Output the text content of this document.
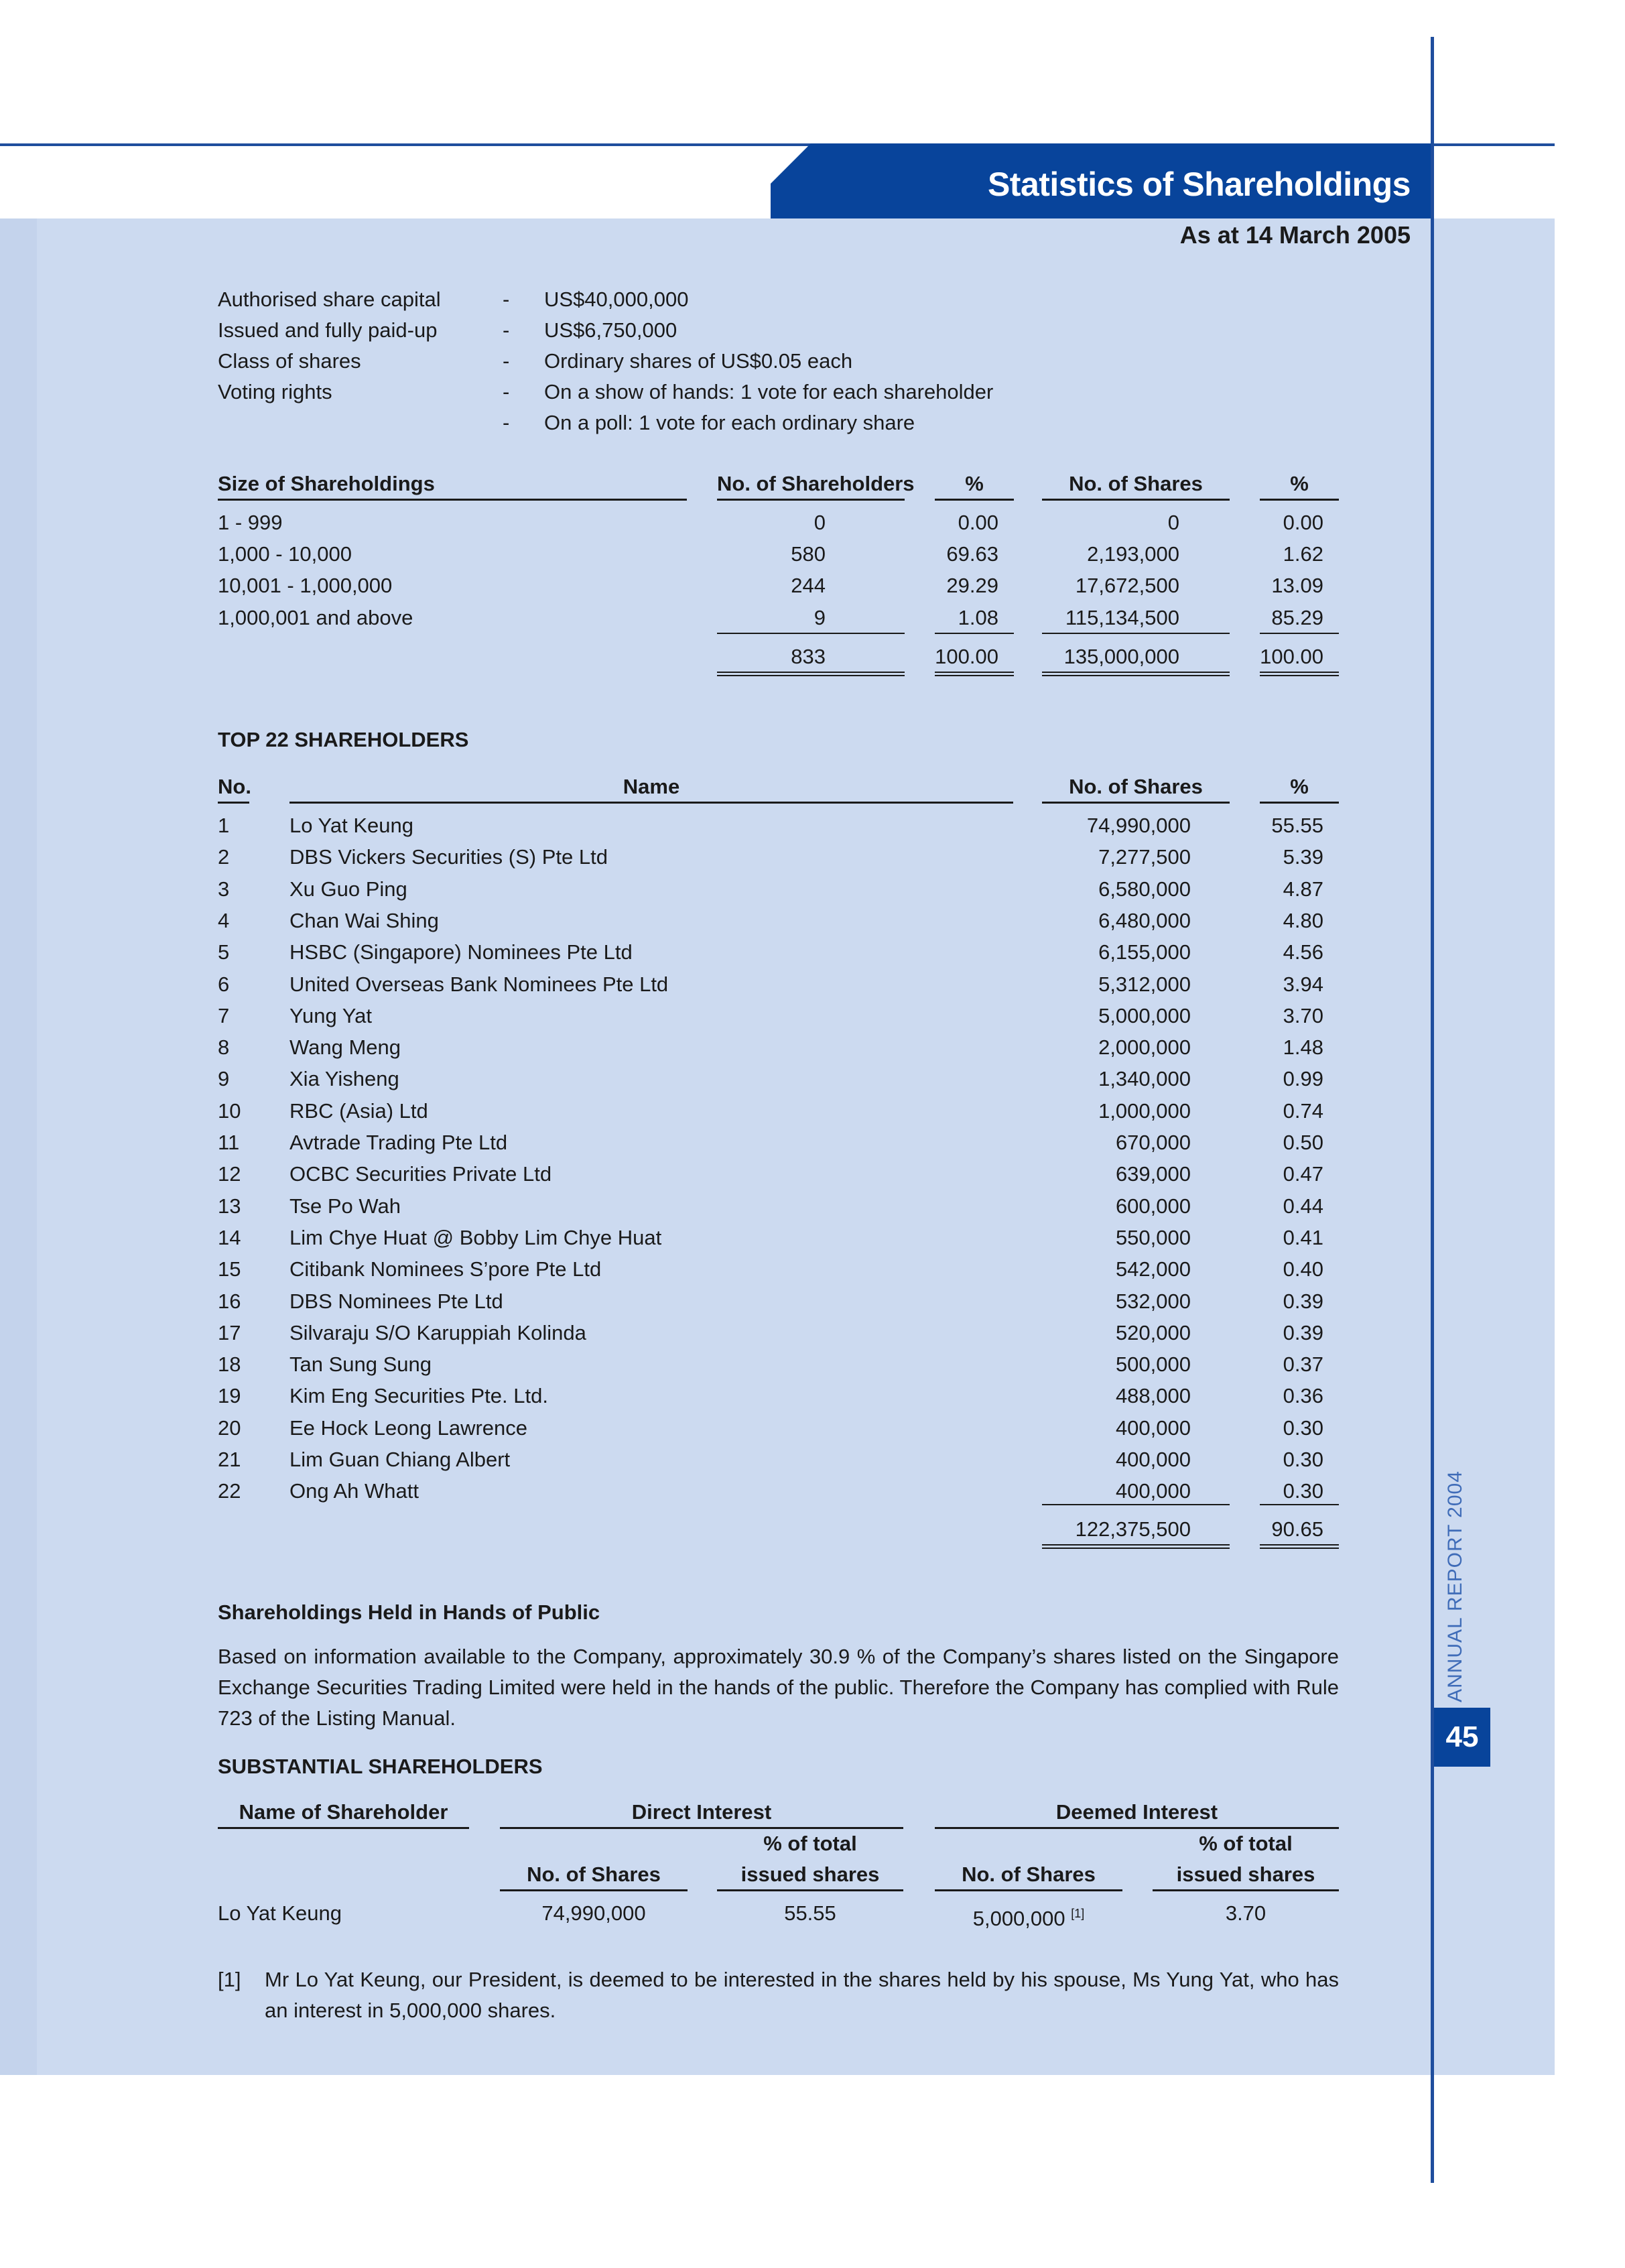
Statistics of Shareholdings
As at 14 March 2005
ANNUAL REPORT 2004
45
Authorised share capital	- US$40,000,000
Issued and fully paid-up	- US$6,750,000
Class of shares	- Ordinary shares of US$0.05 each
Voting rights	- On a show of hands: 1 vote for each shareholder
- On a poll: 1 vote for each ordinary share
Size of Shareholdings	No. of Shareholders	%	No. of Shares	%
1 - 999	0	0.00	0	0.00
1,000 - 10,000	580	69.63	2,193,000	1.62
10,001 - 1,000,000	244	29.29	17,672,500	13.09
1,000,001 and above	9	1.08	115,134,500	85.29
833	100.00	135,000,000	100.00
TOP 22 SHAREHOLDERS
No.	Name	No. of Shares	%
1	Lo Yat Keung	74,990,000	55.55
2	DBS Vickers Securities (S) Pte Ltd	7,277,500	5.39
3	Xu Guo Ping	6,580,000	4.87
4	Chan Wai Shing	6,480,000	4.80
5	HSBC (Singapore) Nominees Pte Ltd	6,155,000	4.56
6	United Overseas Bank Nominees Pte Ltd	5,312,000	3.94
7	Yung Yat	5,000,000	3.70
8	Wang Meng	2,000,000	1.48
9	Xia Yisheng	1,340,000	0.99
10 RBC (Asia) Ltd	1,000,000	0.74
11 Avtrade Trading Pte Ltd	670,000	0.50
12 OCBC Securities Private Ltd	639,000	0.47
13 Tse Po Wah	600,000	0.44
14 Lim Chye Huat @ Bobby Lim Chye Huat	550,000	0.41
15 Citibank Nominees S’pore Pte Ltd	542,000	0.40
16 DBS Nominees Pte Ltd	532,000	0.39
17 Silvaraju S/O Karuppiah Kolinda	520,000	0.39
18 Tan Sung Sung	500,000	0.37
19 Kim Eng Securities Pte. Ltd.	488,000	0.36
20 Ee Hock Leong Lawrence	400,000	0.30
21 Lim Guan Chiang Albert	400,000	0.30
22 Ong Ah Whatt	400,000	0.30
122,375,500	90.65
Shareholdings Held in Hands of Public
Based on information available to the Company, approximately 30.9 % of the Company’s shares listed on the Singapore Exchange Securities Trading Limited were held in the hands of the public. Therefore the Company has complied with Rule 723 of the Listing Manual.
SUBSTANTIAL SHAREHOLDERS
Name of Shareholder	Direct Interest	Deemed Interest
% of total	% of total
No. of Shares	issued shares	No. of Shares	issued shares
Lo Yat Keung	74,990,000	55.55	5,000,000 [1]	3.70
[1] Mr Lo Yat Keung, our President, is deemed to be interested in the shares held by his spouse, Ms Yung Yat, who has an interest in 5,000,000 shares.
